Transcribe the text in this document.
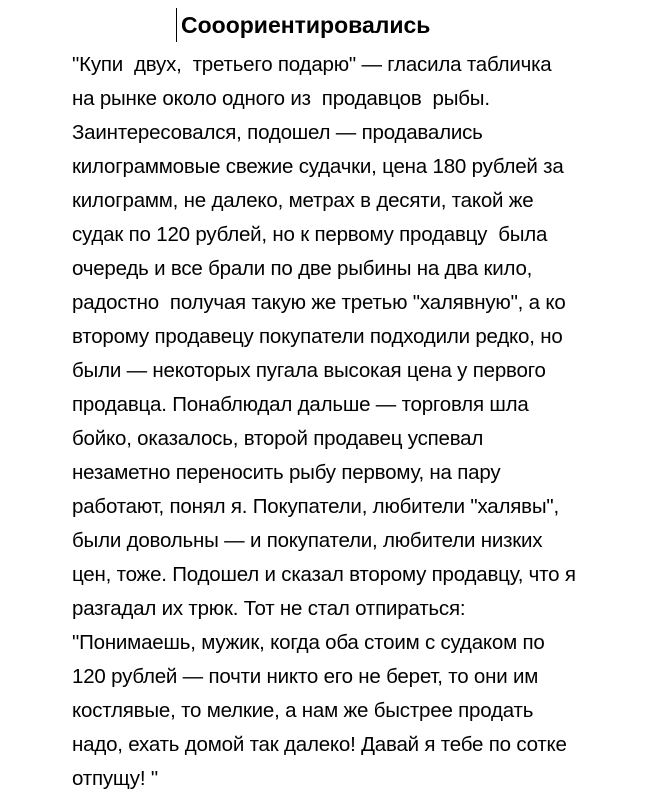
Сооориентировались
"Купи  двух,  третьего подарю" — гласила табличка
на рынке около одного из  продавцов  рыбы.
Заинтересовался, подошел — продавались
килограммовые свежие судачки, цена 180 рублей за
килограмм, не далеко, метрах в десяти, такой же
судак по 120 рублей, но к первому продавцу  была
очередь и все брали по две рыбины на два кило,
радостно  получая такую же третью "халявную", а ко
второму продавецу покупатели подходили редко, но
были — некоторых пугала высокая цена у первого
продавца. Понаблюдал дальше — торговля шла
бойко, оказалось, второй продавец успевал
незаметно переносить рыбу первому, на пару
работают, понял я. Покупатели, любители "халявы",
были довольны — и покупатели, любители низких
цен, тоже. Подошел и сказал второму продавцу, что я
разгадал их трюк. Тот не стал отпираться:
"Понимаешь, мужик, когда оба стоим с судаком по
120 рублей — почти никто его не берет, то они им
костлявые, то мелкие, а нам же быстрее продать
надо, ехать домой так далеко! Давай я тебе по сотке
отпущу! "
